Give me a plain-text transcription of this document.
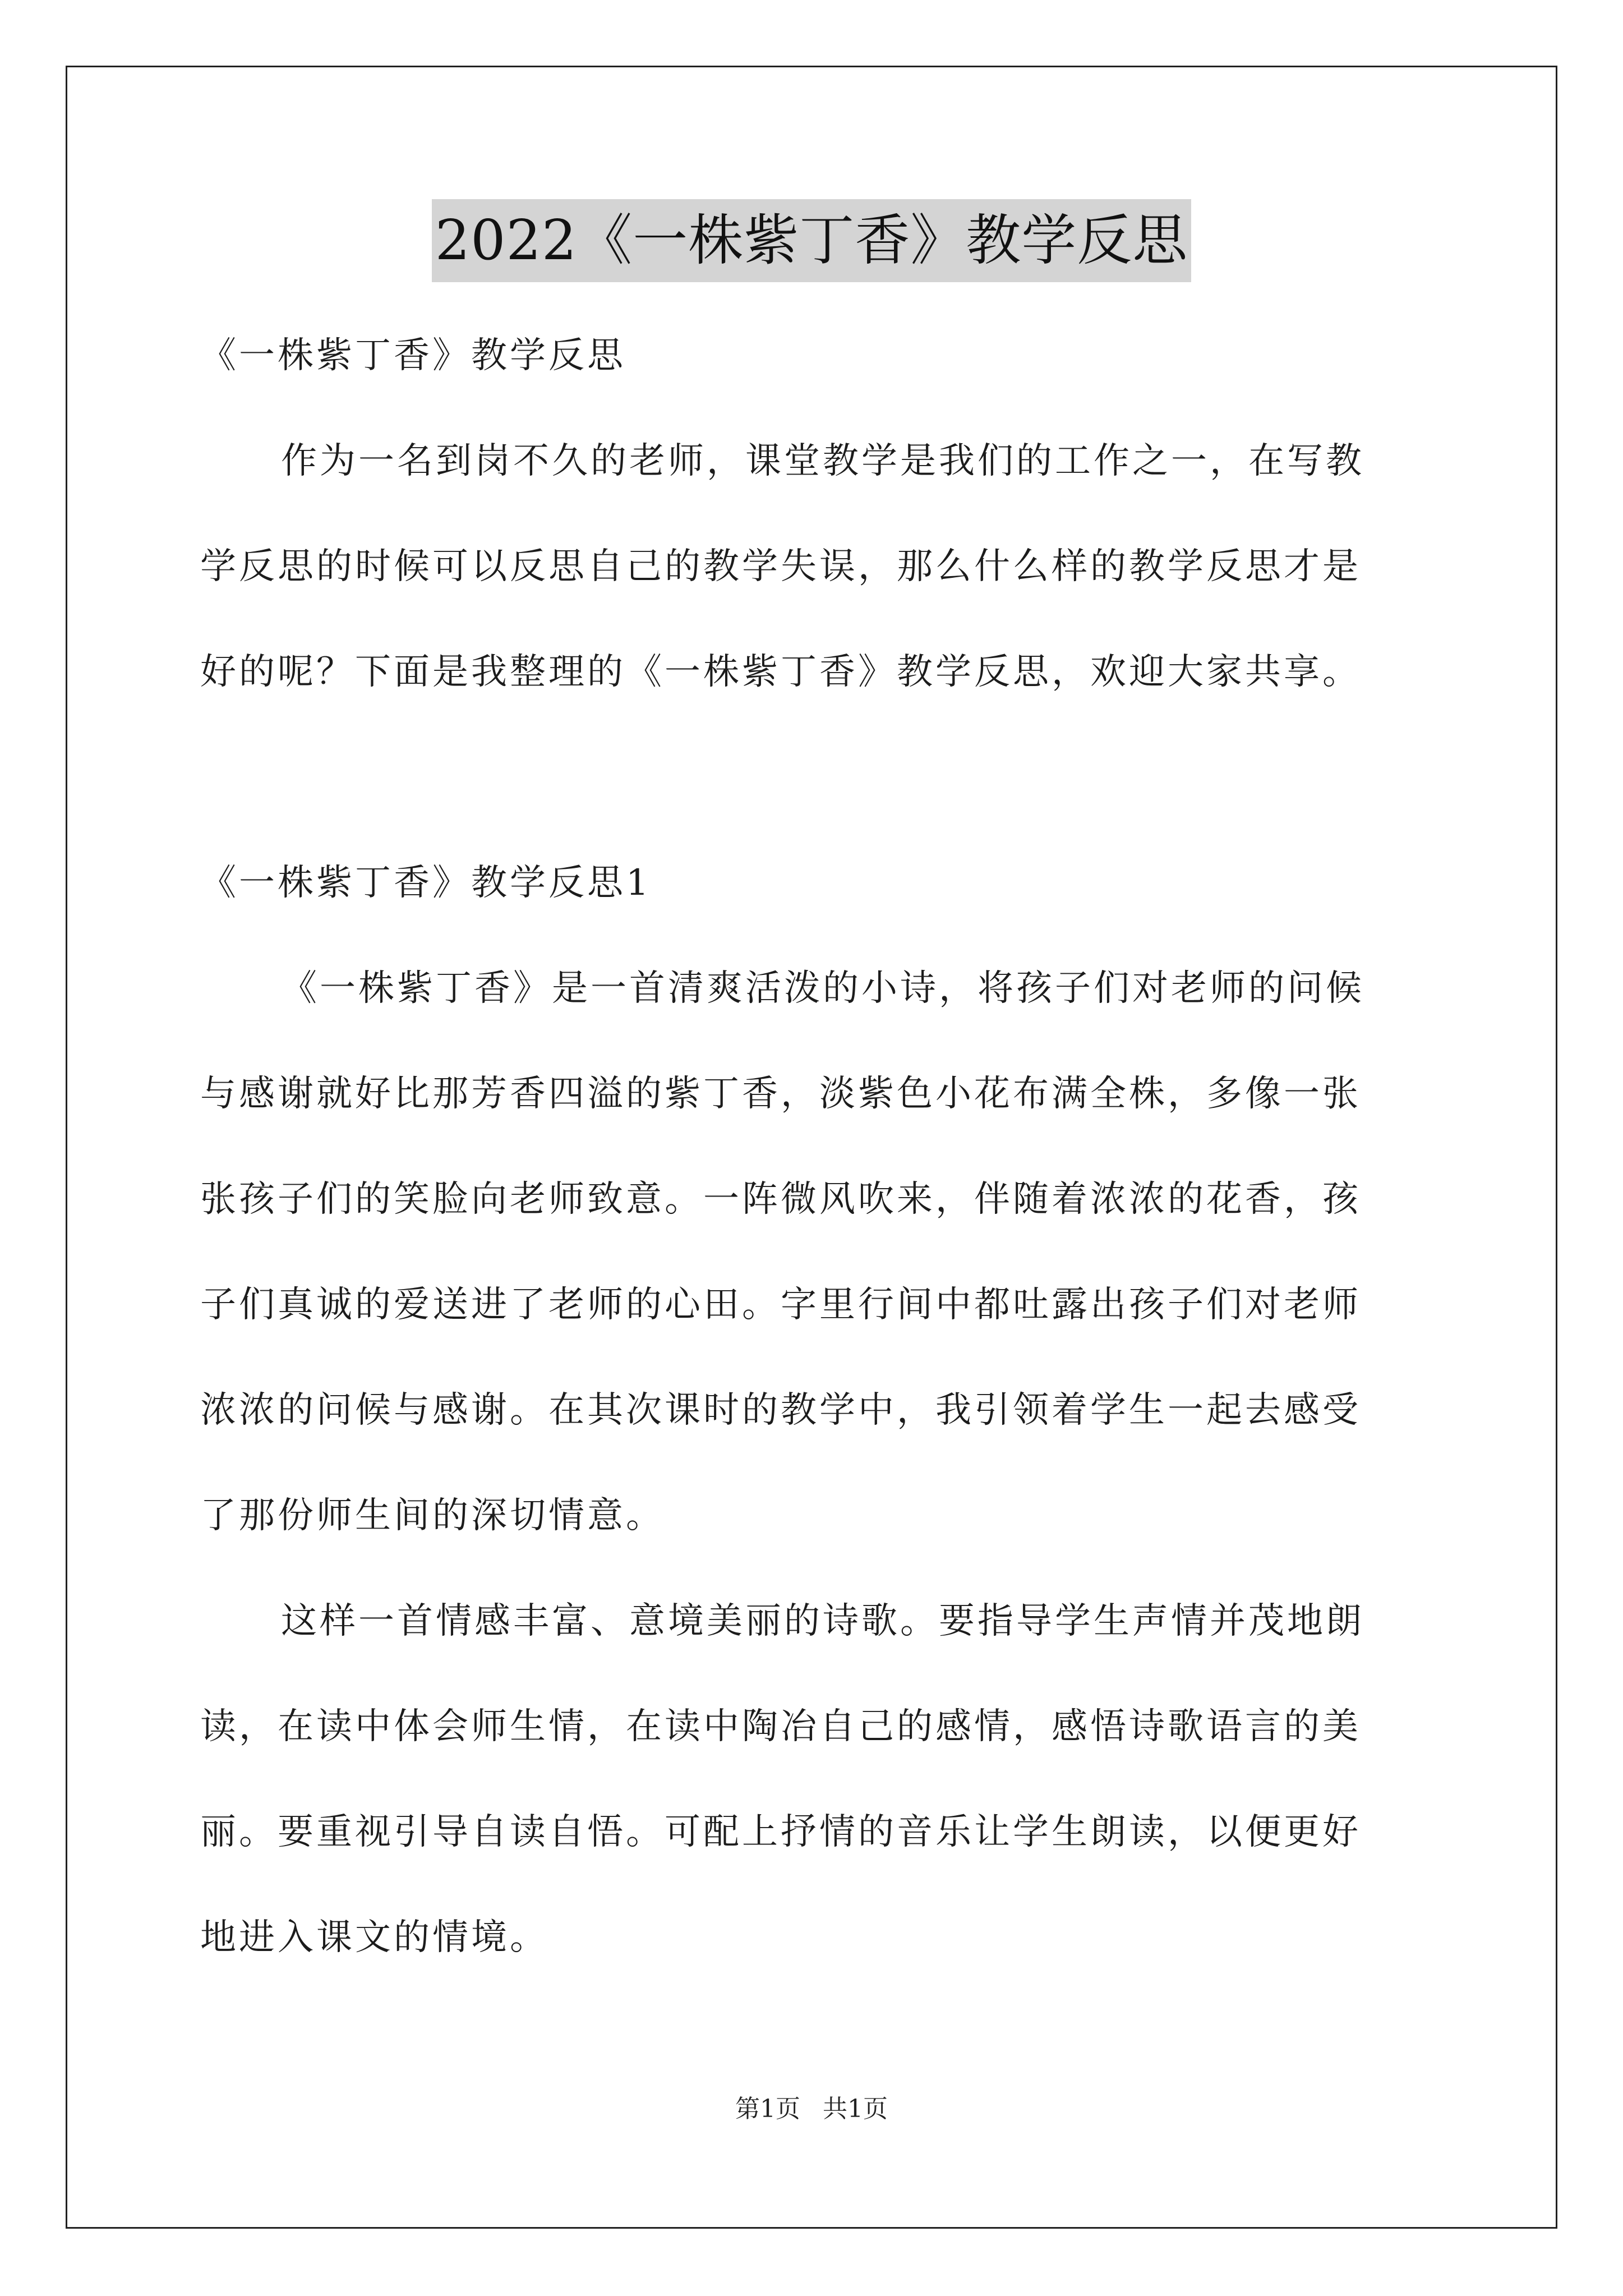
2022《一株紫丁香》教学反思
《一株紫丁香》教学反思
作为一名到岗不久的老师，课堂教学是我们的工作之一，在写教
学反思的时候可以反思自己的教学失误，那么什么样的教学反思才是
好的呢？下面是我整理的《一株紫丁香》教学反思，欢迎大家共享。
《一株紫丁香》教学反思1
《一株紫丁香》是一首清爽活泼的小诗，将孩子们对老师的问候
与感谢就好比那芳香四溢的紫丁香，淡紫色小花布满全株，多像一张
张孩子们的笑脸向老师致意。一阵微风吹来，伴随着浓浓的花香，孩
子们真诚的爱送进了老师的心田。字里行间中都吐露出孩子们对老师
浓浓的问候与感谢。在其次课时的教学中，我引领着学生一起去感受
了那份师生间的深切情意。
这样一首情感丰富、意境美丽的诗歌。要指导学生声情并茂地朗
读，在读中体会师生情，在读中陶冶自己的感情，感悟诗歌语言的美
丽。要重视引导自读自悟。可配上抒情的音乐让学生朗读，以便更好
地进入课文的情境。
第1页 共1页
